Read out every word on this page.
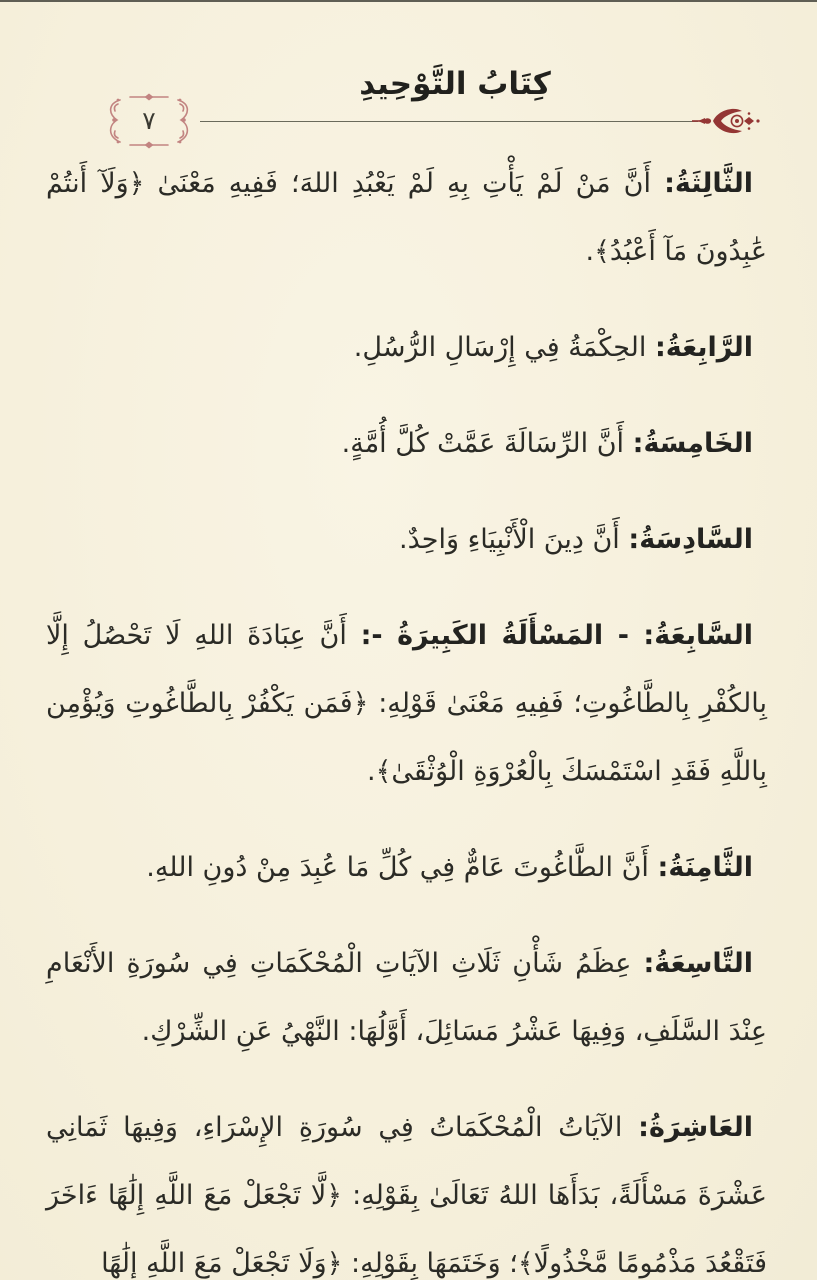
كِتَابُ التَّوْحِيدِ
٧

الثَّالِثَةُ: أَنَّ مَنْ لَمْ يَأْتِ بِهِ لَمْ يَعْبُدِ اللهَ؛ فَفِيهِ مَعْنَىٰ ﴿وَلَآ أَنتُمْ عَٰبِدُونَ مَآ أَعْبُدُ﴾.

الرَّابِعَةُ: الحِكْمَةُ فِي إِرْسَالِ الرُّسُلِ.

الخَامِسَةُ: أَنَّ الرِّسَالَةَ عَمَّتْ كُلَّ أُمَّةٍ.

السَّادِسَةُ: أَنَّ دِينَ الْأَنْبِيَاءِ وَاحِدٌ.

السَّابِعَةُ: - المَسْأَلَةُ الكَبِيرَةُ -: أَنَّ عِبَادَةَ اللهِ لَا تَحْصُلُ إِلَّا بِالكُفْرِ بِالطَّاغُوتِ؛ فَفِيهِ مَعْنَىٰ قَوْلِهِ: ﴿فَمَن يَكْفُرْ بِالطَّاغُوتِ وَيُؤْمِن بِاللَّهِ فَقَدِ اسْتَمْسَكَ بِالْعُرْوَةِ الْوُثْقَىٰ﴾.

الثَّامِنَةُ: أَنَّ الطَّاغُوتَ عَامٌّ فِي كُلِّ مَا عُبِدَ مِنْ دُونِ اللهِ.

التَّاسِعَةُ: عِظَمُ شَأْنِ ثَلَاثِ الآيَاتِ الْمُحْكَمَاتِ فِي سُورَةِ الأَنْعَامِ عِنْدَ السَّلَفِ، وَفِيهَا عَشْرُ مَسَائِلَ، أَوَّلُهَا: النَّهْيُ عَنِ الشِّرْكِ.

العَاشِرَةُ: الآيَاتُ الْمُحْكَمَاتُ فِي سُورَةِ الإِسْرَاءِ، وَفِيهَا ثَمَانِي عَشْرَةَ مَسْأَلَةً، بَدَأَهَا اللهُ تَعَالَىٰ بِقَوْلِهِ: ﴿لَّا تَجْعَلْ مَعَ اللَّهِ إِلَٰهًا ءَاخَرَ فَتَقْعُدَ مَذْمُومًا مَّخْذُولًا﴾؛ وَخَتَمَهَا بِقَوْلِهِ: ﴿وَلَا تَجْعَلْ مَعَ اللَّهِ إِلَٰهًا
